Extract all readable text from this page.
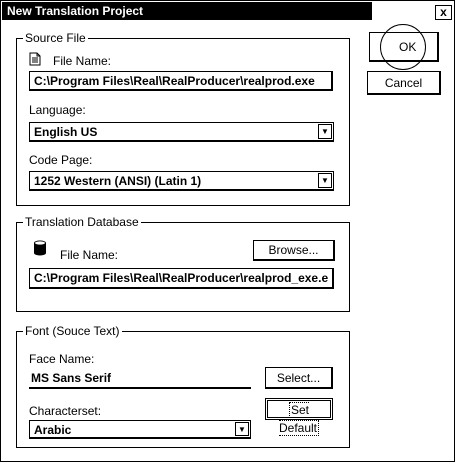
New Translation Project	x
OK
Cancel
Source File
File Name:
C:\Program Files\Real\RealProducer\realprod.exe
Language:
English US	▼
Code Page:
1252 Western (ANSI) (Latin 1)	▼
Translation Database
File Name:	Browse...
C:\Program Files\Real\RealProducer\realprod_exe.e
Font (Souce Text)
Face Name:
MS Sans Serif	Select...
Characterset:	Set Default
Arabic	▼
